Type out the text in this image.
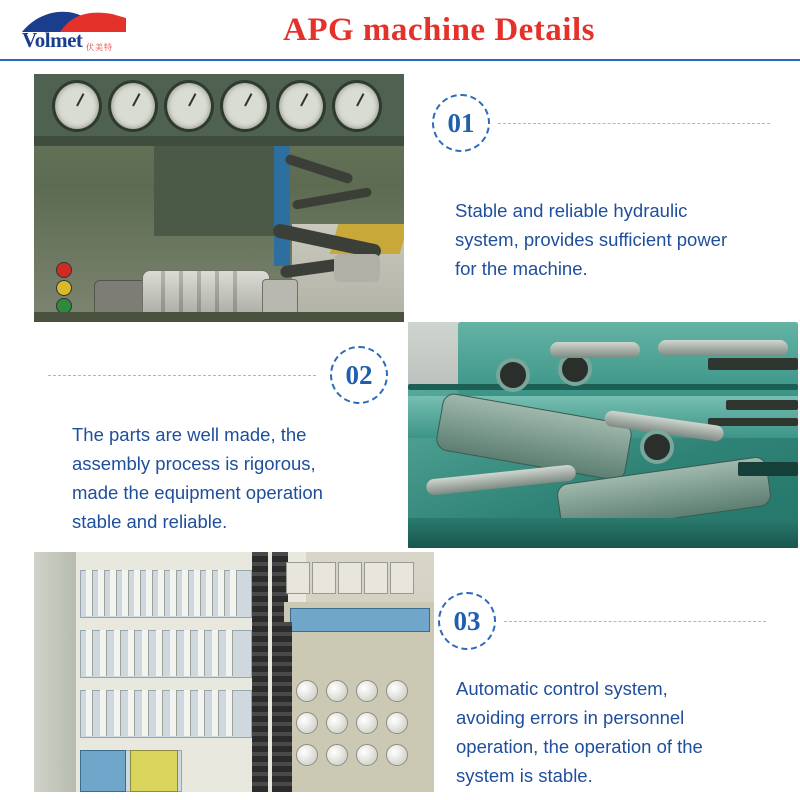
Volmet 伏美特	APG machine Details
01
Stable and reliable hydraulic
system, provides sufficient power
for the machine.
02
The parts are well made, the
assembly process is rigorous,
made the equipment operation
stable and reliable.
03
Automatic control system,
avoiding errors in personnel
operation, the operation of the
system is stable.
